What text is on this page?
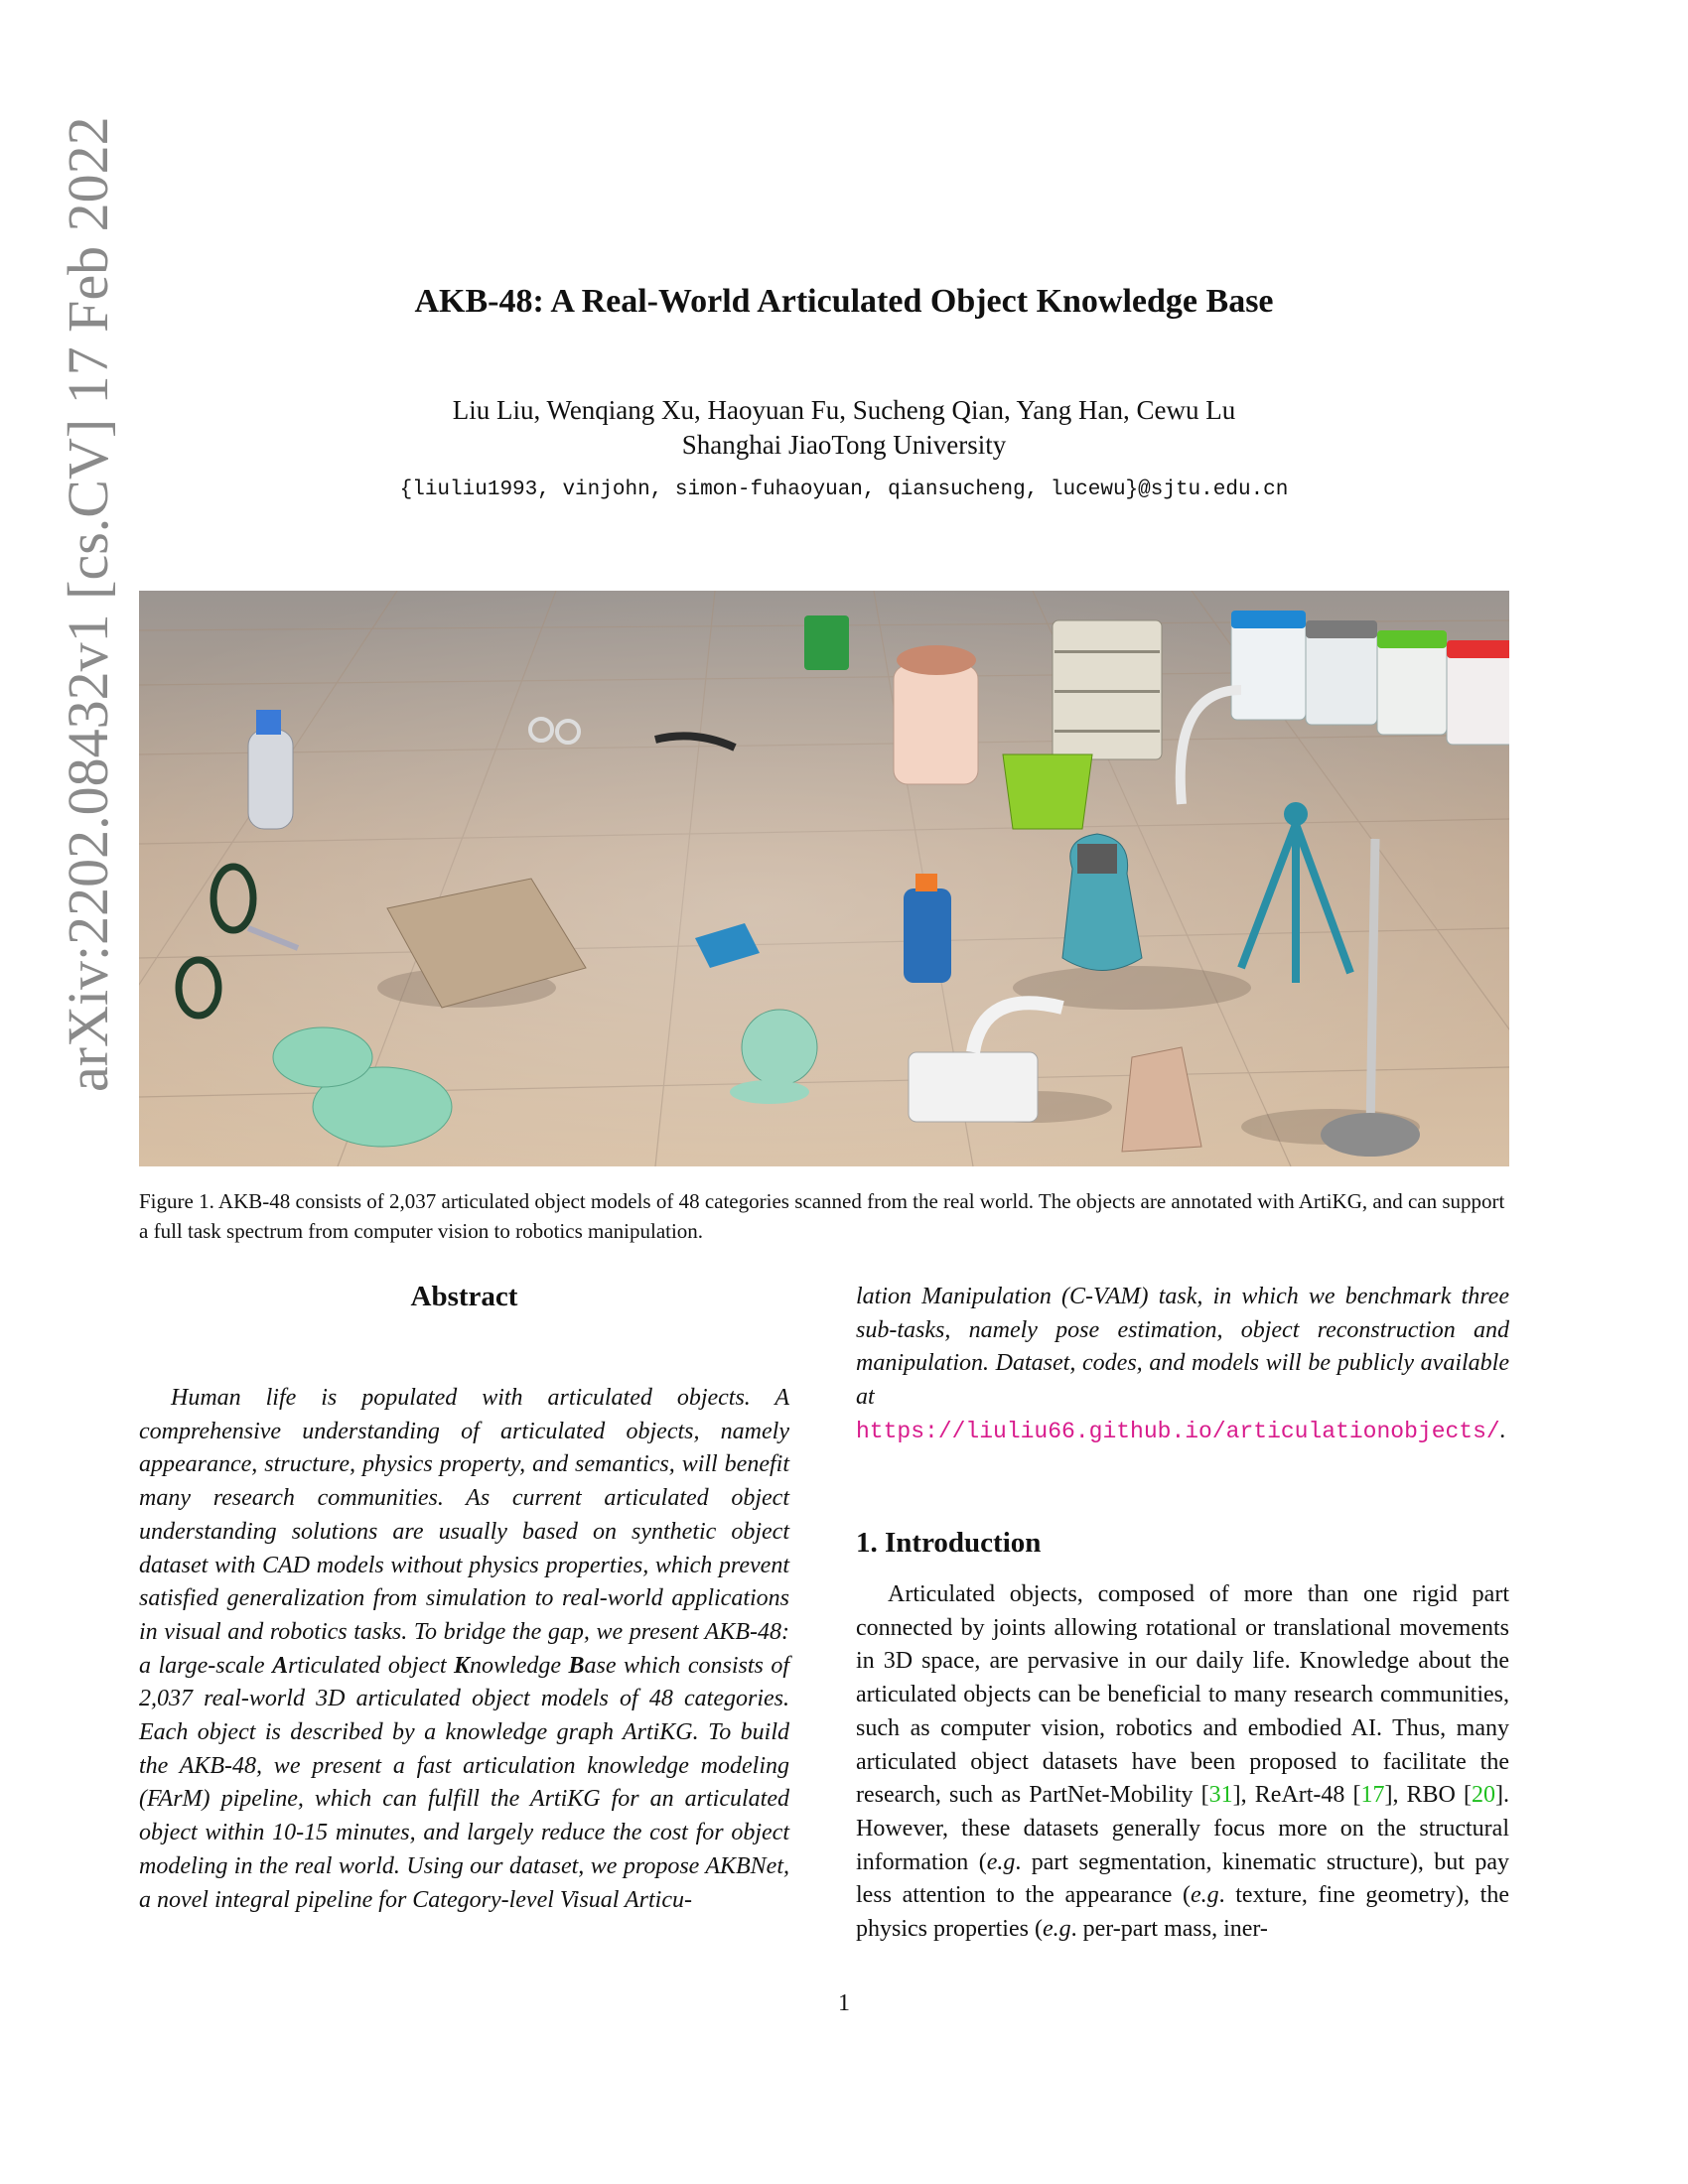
AKB-48: A Real-World Articulated Object Knowledge Base
Liu Liu, Wenqiang Xu, Haoyuan Fu, Sucheng Qian, Yang Han, Cewu Lu
Shanghai JiaoTong University
{liuliu1993, vinjohn, simon-fuhaoyuan, qiansucheng, lucewu}@sjtu.edu.cn
arXiv:2202.08432v1 [cs.CV] 17 Feb 2022
Figure 1. AKB-48 consists of 2,037 articulated object models of 48 categories scanned from the real world. The objects are annotated with ArtiKG, and can support a full task spectrum from computer vision to robotics manipulation.
Abstract
Human life is populated with articulated objects. A comprehensive understanding of articulated objects, namely appearance, structure, physics property, and semantics, will benefit many research communities. As current articulated object understanding solutions are usually based on synthetic object dataset with CAD models without physics properties, which prevent satisfied generalization from simulation to real-world applications in visual and robotics tasks. To bridge the gap, we present AKB-48: a large-scale Articulated object Knowledge Base which consists of 2,037 real-world 3D articulated object models of 48 categories. Each object is described by a knowledge graph ArtiKG. To build the AKB-48, we present a fast articulation knowledge modeling (FArM) pipeline, which can fulfill the ArtiKG for an articulated object within 10-15 minutes, and largely reduce the cost for object modeling in the real world. Using our dataset, we propose AKBNet, a novel integral pipeline for Category-level Visual Articu-
lation Manipulation (C-VAM) task, in which we benchmark three sub-tasks, namely pose estimation, object reconstruction and manipulation. Dataset, codes, and models will be publicly available at https://liuliu66.github.io/articulationobjects/.
1. Introduction
Articulated objects, composed of more than one rigid part connected by joints allowing rotational or translational movements in 3D space, are pervasive in our daily life. Knowledge about the articulated objects can be beneficial to many research communities, such as computer vision, robotics and embodied AI. Thus, many articulated object datasets have been proposed to facilitate the research, such as PartNet-Mobility [31], ReArt-48 [17], RBO [20]. However, these datasets generally focus more on the structural information (e.g. part segmentation, kinematic structure), but pay less attention to the appearance (e.g. texture, fine geometry), the physics properties (e.g. per-part mass, iner-
1
